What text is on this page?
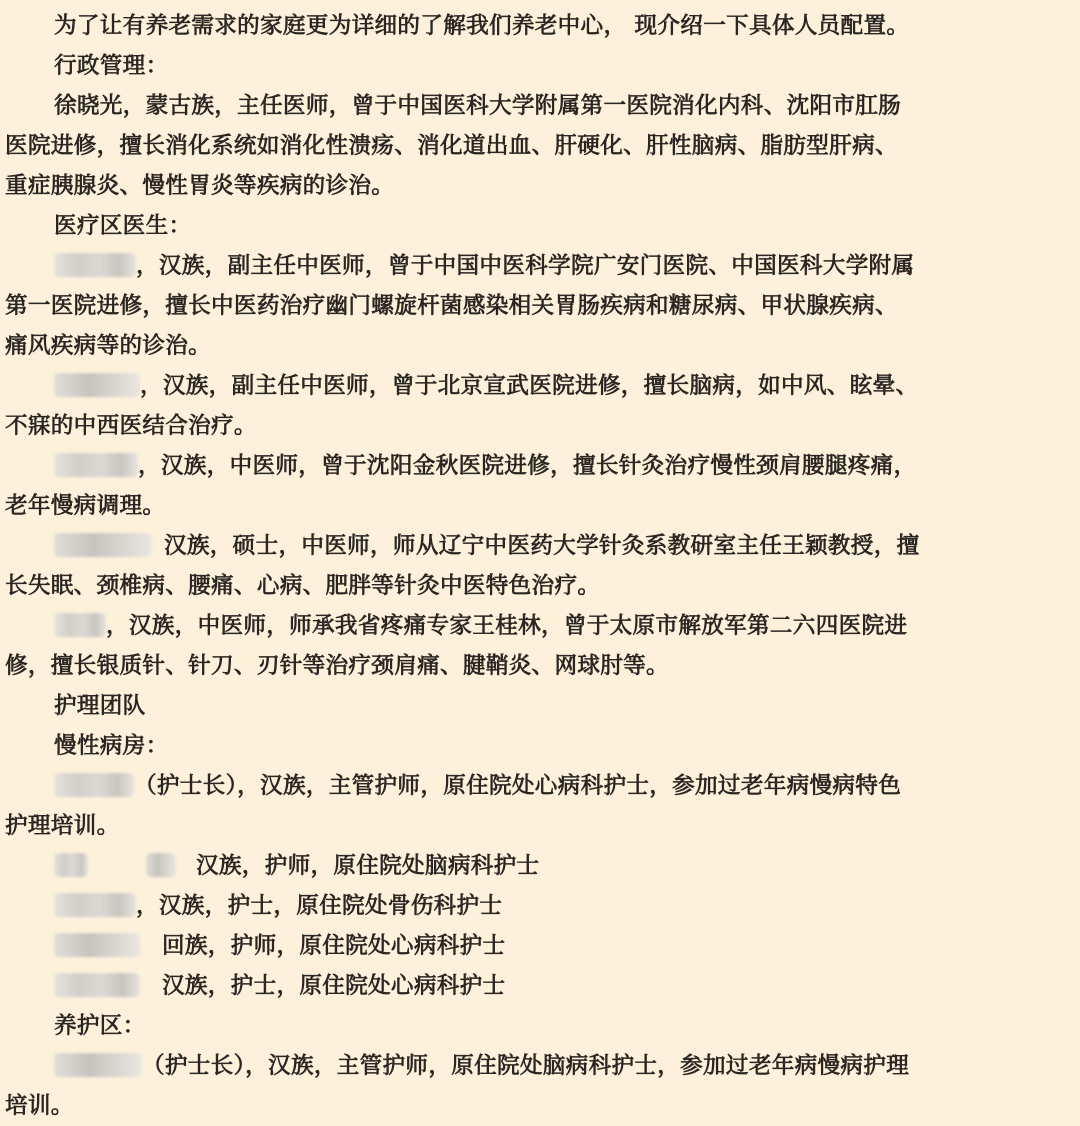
为了让有养老需求的家庭更为详细的了解我们养老中心， 现介绍一下具体人员配置。
行政管理：
徐晓光，蒙古族，主任医师，曾于中国医科大学附属第一医院消化内科、沈阳市肛肠
医院进修，擅长消化系统如消化性溃疡、消化道出血、肝硬化、肝性脑病、脂肪型肝病、
重症胰腺炎、慢性胃炎等疾病的诊治。
医疗区医生：
，汉族，副主任中医师，曾于中国中医科学院广安门医院、中国医科大学附属
第一医院进修，擅长中医药治疗幽门螺旋杆菌感染相关胃肠疾病和糖尿病、甲状腺疾病、
痛风疾病等的诊治。
，汉族，副主任中医师，曾于北京宣武医院进修，擅长脑病，如中风、眩晕、
不寐的中西医结合治疗。
，汉族，中医师，曾于沈阳金秋医院进修，擅长针灸治疗慢性颈肩腰腿疼痛，
老年慢病调理。
汉族，硕士，中医师，师从辽宁中医药大学针灸系教研室主任王颖教授，擅
长失眠、颈椎病、腰痛、心病、肥胖等针灸中医特色治疗。
，汉族，中医师，师承我省疼痛专家王桂林，曾于太原市解放军第二六四医院进
修，擅长银质针、针刀、刃针等治疗颈肩痛、腱鞘炎、网球肘等。
护理团队
慢性病房：
（护士长），汉族，主管护师，原住院处心病科护士，参加过老年病慢病特色
护理培训。
汉族，护师，原住院处脑病科护士
，汉族，护士，原住院处骨伤科护士
回族，护师，原住院处心病科护士
汉族，护士，原住院处心病科护士
养护区：
（护士长），汉族，主管护师，原住院处脑病科护士，参加过老年病慢病护理
培训。
